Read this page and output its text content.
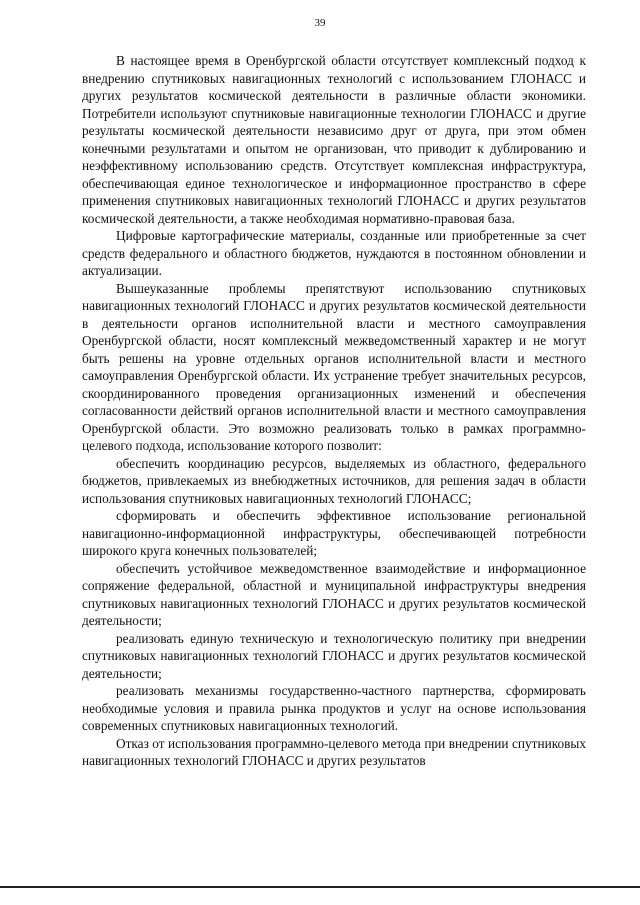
39

В настоящее время в Оренбургской области отсутствует комплексный подход к внедрению спутниковых навигационных технологий с использованием ГЛОНАСС и других результатов космической деятельности в различные области экономики. Потребители используют спутниковые навигационные технологии ГЛОНАСС и другие результаты космической деятельности независимо друг от друга, при этом обмен конечными результатами и опытом не организован, что приводит к дублированию и неэффективному использованию средств. Отсутствует комплексная инфраструктура, обеспечивающая единое технологическое и информационное пространство в сфере применения спутниковых навигационных технологий ГЛОНАСС и других результатов космической деятельности, а также необходимая нормативно-правовая база.

Цифровые картографические материалы, созданные или приобретенные за счет средств федерального и областного бюджетов, нуждаются в постоянном обновлении и актуализации.

Вышеуказанные проблемы препятствуют использованию спутниковых навигационных технологий ГЛОНАСС и других результатов космической деятельности в деятельности органов исполнительной власти и местного самоуправления Оренбургской области, носят комплексный межведомственный характер и не могут быть решены на уровне отдельных органов исполнительной власти и местного самоуправления Оренбургской области. Их устранение требует значительных ресурсов, скоординированного проведения организационных изменений и обеспечения согласованности действий органов исполнительной власти и местного самоуправления Оренбургской области. Это возможно реализовать только в рамках программно-целевого подхода, использование которого позволит:

обеспечить координацию ресурсов, выделяемых из областного, федерального бюджетов, привлекаемых из внебюджетных источников, для решения задач в области использования спутниковых навигационных технологий ГЛОНАСС;

сформировать и обеспечить эффективное использование региональной навигационно-информационной инфраструктуры, обеспечивающей потребности широкого круга конечных пользователей;

обеспечить устойчивое межведомственное взаимодействие и информационное сопряжение федеральной, областной и муниципальной инфраструктуры внедрения спутниковых навигационных технологий ГЛОНАСС и других результатов космической деятельности;

реализовать единую техническую и технологическую политику при внедрении спутниковых навигационных технологий ГЛОНАСС и других результатов космической деятельности;

реализовать механизмы государственно-частного партнерства, сформировать необходимые условия и правила рынка продуктов и услуг на основе использования современных спутниковых навигационных технологий.

Отказ от использования программно-целевого метода при внедрении спутниковых навигационных технологий ГЛОНАСС и других результатов
